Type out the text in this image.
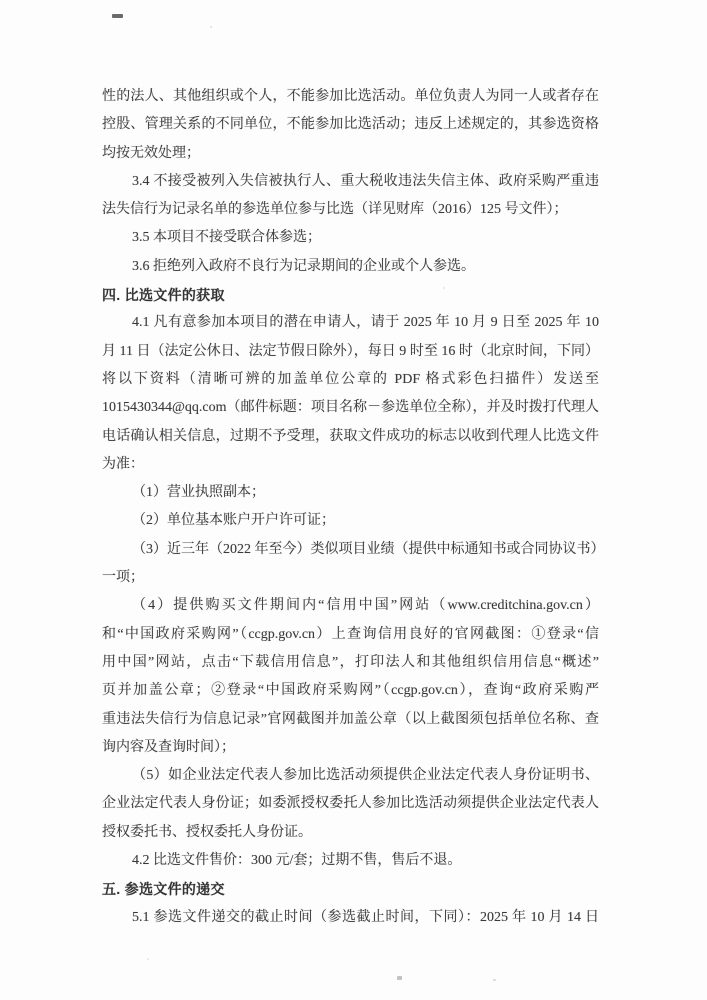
性的法人、其他组织或个人，不能参加比选活动。单位负责人为同一人或者存在
控股、管理关系的不同单位，不能参加比选活动；违反上述规定的，其参选资格
均按无效处理；
3.4 不接受被列入失信被执行人、重大税收违法失信主体、政府采购严重违
法失信行为记录名单的参选单位参与比选（详见财库（2016）125 号文件）；
3.5 本项目不接受联合体参选；
3.6 拒绝列入政府不良行为记录期间的企业或个人参选。
四. 比选文件的获取
4.1 凡有意参加本项目的潜在申请人，请于 2025 年 10 月 9 日至 2025 年 10
月 11 日（法定公休日、法定节假日除外），每日 9 时至 16 时（北京时间，下同）
将以下资料（清晰可辨的加盖单位公章的 PDF 格式彩色扫描件）发送至
1015430344@qq.com（邮件标题：项目名称－参选单位全称），并及时拨打代理人
电话确认相关信息，过期不予受理，获取文件成功的标志以收到代理人比选文件
为准：
（1）营业执照副本；
（2）单位基本账户开户许可证；
（3）近三年（2022 年至今）类似项目业绩（提供中标通知书或合同协议书）
一项；
（4）提供购买文件期间内“信用中国”网站（www.creditchina.gov.cn）
和“中国政府采购网”（ccgp.gov.cn）上查询信用良好的官网截图：①登录“信
用中国”网站，点击“下载信用信息”，打印法人和其他组织信用信息“概述”
页并加盖公章；②登录“中国政府采购网”（ccgp.gov.cn），查询“政府采购严
重违法失信行为信息记录”官网截图并加盖公章（以上截图须包括单位名称、查
询内容及查询时间）；
（5）如企业法定代表人参加比选活动须提供企业法定代表人身份证明书、
企业法定代表人身份证；如委派授权委托人参加比选活动须提供企业法定代表人
授权委托书、授权委托人身份证。
4.2 比选文件售价：300 元/套；过期不售，售后不退。
五. 参选文件的递交
5.1 参选文件递交的截止时间（参选截止时间，下同）：2025 年 10 月 14 日
